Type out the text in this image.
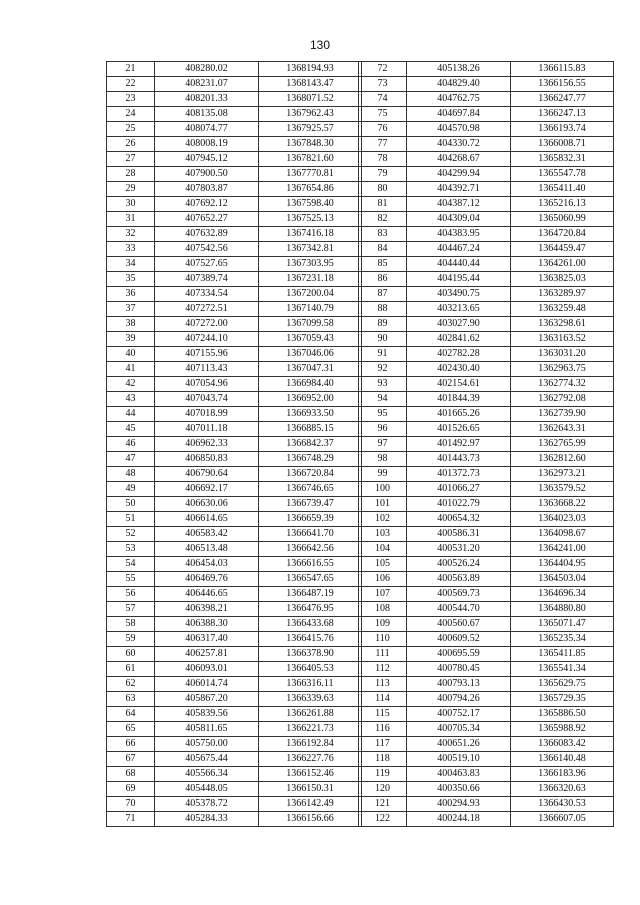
130
21	408280.02	1368194.93
22	408231.07	1368143.47
23	408201.33	1368071.52
24	408135.08	1367962.43
25	408074.77	1367925.57
26	408008.19	1367848.30
27	407945.12	1367821.60
28	407900.50	1367770.81
29	407803.87	1367654.86
30	407692.12	1367598.40
31	407652.27	1367525.13
32	407632.89	1367416.18
33	407542.56	1367342.81
34	407527.65	1367303.95
35	407389.74	1367231.18
36	407334.54	1367200.04
37	407272.51	1367140.79
38	407272.00	1367099.58
39	407244.10	1367059.43
40	407155.96	1367046.06
41	407113.43	1367047.31
42	407054.96	1366984.40
43	407043.74	1366952.00
44	407018.99	1366933.50
45	407011.18	1366885.15
46	406962.33	1366842.37
47	406850.83	1366748.29
48	406790.64	1366720.84
49	406692.17	1366746.65
50	406630.06	1366739.47
51	406614.65	1366659.39
52	406583.42	1366641.70
53	406513.48	1366642.56
54	406454.03	1366616.55
55	406469.76	1366547.65
56	406446.65	1366487.19
57	406398.21	1366476.95
58	406388.30	1366433.68
59	406317.40	1366415.76
60	406257.81	1366378.90
61	406093.01	1366405.53
62	406014.74	1366316.11
63	405867.20	1366339.63
64	405839.56	1366261.88
65	405811.65	1366221.73
66	405750.00	1366192.84
67	405675.44	1366227.76
68	405566.34	1366152.46
69	405448.05	1366150.31
70	405378.72	1366142.49
71	405284.33	1366156.66
72	405138.26	1366115.83
73	404829.40	1366156.55
74	404762.75	1366247.77
75	404697.84	1366247.13
76	404570.98	1366193.74
77	404330.72	1366008.71
78	404268.67	1365832.31
79	404299.94	1365547.78
80	404392.71	1365411.40
81	404387.12	1365216.13
82	404309.04	1365060.99
83	404383.95	1364720.84
84	404467.24	1364459.47
85	404440.44	1364261.00
86	404195.44	1363825.03
87	403490.75	1363289.97
88	403213.65	1363259.48
89	403027.90	1363298.61
90	402841.62	1363163.52
91	402782.28	1363031.20
92	402430.40	1362963.75
93	402154.61	1362774.32
94	401844.39	1362792.08
95	401665.26	1362739.90
96	401526.65	1362643.31
97	401492.97	1362765.99
98	401443.73	1362812.60
99	401372.73	1362973.21
100	401066.27	1363579.52
101	401022.79	1363668.22
102	400654.32	1364023.03
103	400586.31	1364098.67
104	400531.20	1364241.00
105	400526.24	1364404.95
106	400563.89	1364503.04
107	400569.73	1364696.34
108	400544.70	1364880.80
109	400560.67	1365071.47
110	400609.52	1365235.34
111	400695.59	1365411.85
112	400780.45	1365541.34
113	400793.13	1365629.75
114	400794.26	1365729.35
115	400752.17	1365886.50
116	400705.34	1365988.92
117	400651.26	1366083.42
118	400519.10	1366140.48
119	400463.83	1366183.96
120	400350.66	1366320.63
121	400294.93	1366430.53
122	400244.18	1366607.05
